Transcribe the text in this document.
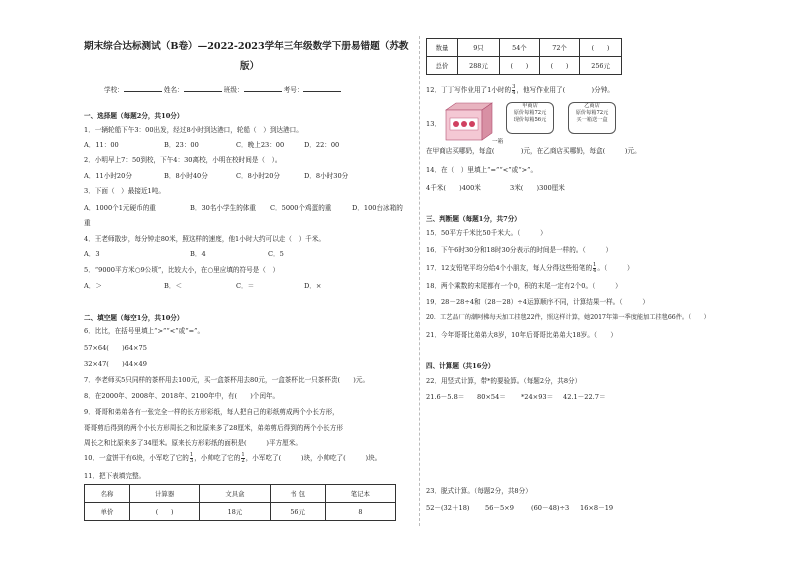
期末综合达标测试（B卷）—2022-2023学年三年级数学下册易错题（苏教
版）
学校：	姓名：	班级：	考号：
一、选择题（每题2分，共10分）
1．一辆轮船下午3：00出发，经过8小时到达港口，轮船（　）到达港口。
A．11：00	B．23：00	C．晚上23：00	D．22：00
2．小明早上7：50到校，下午4：30离校，小明在校时间是（　）。
A．11小时20分	B．8小时40分	C．8小时20分	D．8小时30分
3．下面（　）最接近1吨。
A．1000个1元硬币的重	B．30名小学生的体重 C．5000个鸡蛋的重	D．100台冰箱的
重
4．王老师散步，每分钟走80米，照这样的速度，他1小时大约可以走（　）千米。
A．3	B．4	C．5
5．“9000平方米○9公顷”，比较大小，在○里应填的符号是（　）
A．＞	B．＜	C．＝	D．×
二、填空题（每空1分，共10分）
6．比比，在括号里填上“>”“<”或“=”。
57×64(　　)64×75
32×47(　　)44×49
7．李老师买5只同样的茶杯用去100元，买一盒茶杯用去80元，一盒茶杯比一只茶杯贵(　　)元。
8．在2000年、2008年、2018年、2100年中，有(　　)个闰年。
9．哥哥和弟弟各有一张完全一样的长方形彩纸，每人把自己的彩纸剪成两个小长方形，
哥哥剪后得到的两个小长方形周长之和比原来多了28厘米，弟弟剪后得到的两个小长方形
周长之和比原来多了34厘米。原来长方形彩纸的面积是(　　　)平方厘米。
10．一盒饼干有6块，小军吃了它的 $\frac{1}{3}$ ，小帅吃了它的 $\frac{1}{2}$ ，小军吃了(　　　)块，小帅吃了(　　　)块。
11．把下表填完整。
名称	计算器	文具盒	书 包	笔记本
单价	(　　)	18元	56元	8
数量	9只	54个	72个	(　　)
总价	288元	(　　)	(　　)	256元
12．丁丁写作业用了1小时的 $\frac{3}{4}$ ，他写作业用了(　　　　)分钟。
13．
一箱
甲商店
原价每箱72元
现价每箱56元
乙商店
原价每箱72元
买一箱送一盒
在甲商店买哪奶，每盒(　　　　)元，在乙商店买哪奶，每盒(　　　)元。
14．在（　）里填上“=”“<”或“>”。
4千米(　　)400米	3米(　　)300厘米
三、判断题（每题1分，共7分）
15．50平方千米比50千米大。（　　　）
16．下午6时30分和18时30分表示的时间是一样的。（　　　）
17．12支铅笔平均分给4个小朋友，每人分得这些铅笔的 $\frac{1}{4}$ 。（　　　）
18．两个乘数的末尾都有一个0，积的末尾一定有2个0。（　　　）
19．28－28÷4和（28－28）÷4运算顺序不同，计算结果一样。（　　　）
20．工艺品厂的潮阿拂每天加工挂毯22件，照这样计算，她2017年第一季度能加工挂毯66件。（　　）
21．今年哥哥比弟弟大8岁，10年后哥哥比弟弟大18岁。（　　）
四、计算题（共16分）
22．用竖式计算，带*的要验算。（每题2分，共8分）
21.6－5.8＝ 80×54＝ *24×93＝ 42.1－22.7＝
23．脱式计算。（每题2分，共8分）
52－(32＋18) 56－5×9	(60－48)÷3 16×8－19
